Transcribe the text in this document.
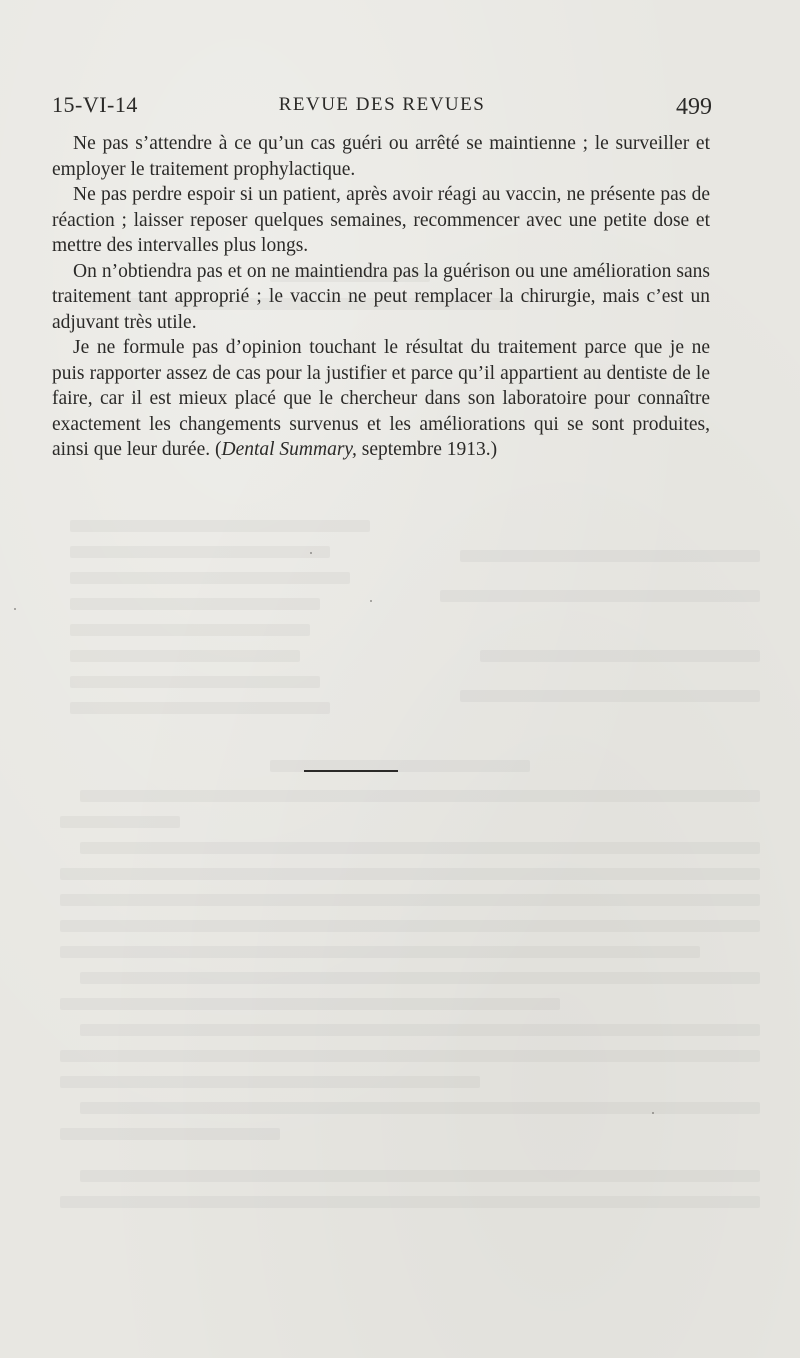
15-VI-14	REVUE DES REVUES	499

Ne pas s’attendre à ce qu’un cas guéri ou arrêté se maintienne ; le surveiller et employer le traitement prophylactique.

Ne pas perdre espoir si un patient, après avoir réagi au vaccin, ne présente pas de réaction ; laisser reposer quelques semaines, recommencer avec une petite dose et mettre des intervalles plus longs.

On n’obtiendra pas et on ne maintiendra pas la guérison ou une amélioration sans traitement tant approprié ; le vaccin ne peut remplacer la chirurgie, mais c’est un adjuvant très utile.

Je ne formule pas d’opinion touchant le résultat du traitement parce que je ne puis rapporter assez de cas pour la justifier et parce qu’il appartient au dentiste de le faire, car il est mieux placé que le chercheur dans son laboratoire pour connaître exactement les changements survenus et les améliorations qui se sont produites, ainsi que leur durée. (Dental Summary, septembre 1913.)
